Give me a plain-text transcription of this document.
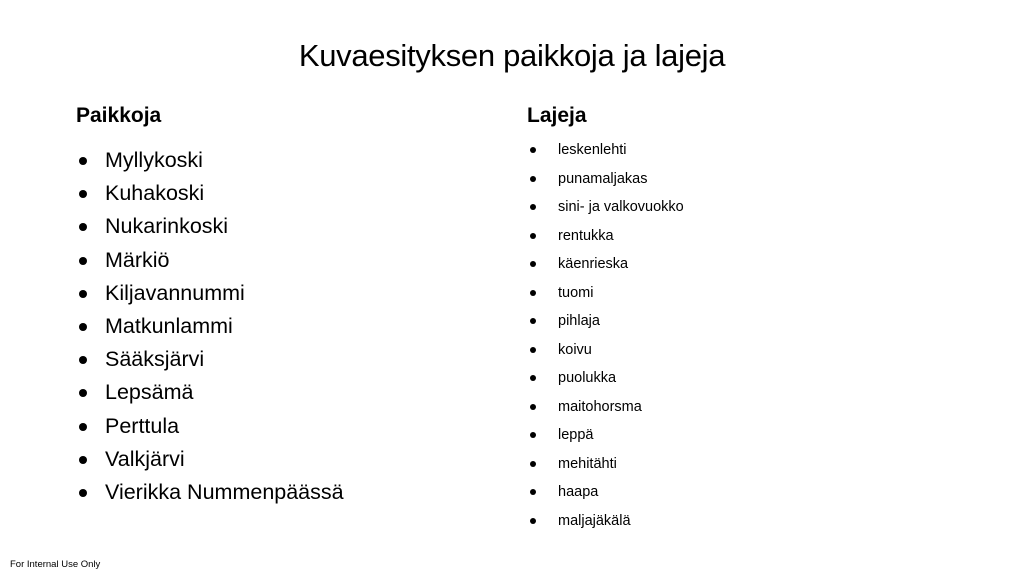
Kuvaesityksen paikkoja ja lajeja
Paikkoja
Myllykoski
Kuhakoski
Nukarinkoski
Märkiö
Kiljavannummi
Matkunlammi
Sääksjärvi
Lepsämä
Perttula
Valkjärvi
Vierikka Nummenpäässä
Lajeja
leskenlehti
punamaljakas
sini- ja valkovuokko
rentukka
käenrieska
tuomi
pihlaja
koivu
puolukka
maitohorsma
leppä
mehitähti
haapa
maljajäkälä
For Internal Use Only
